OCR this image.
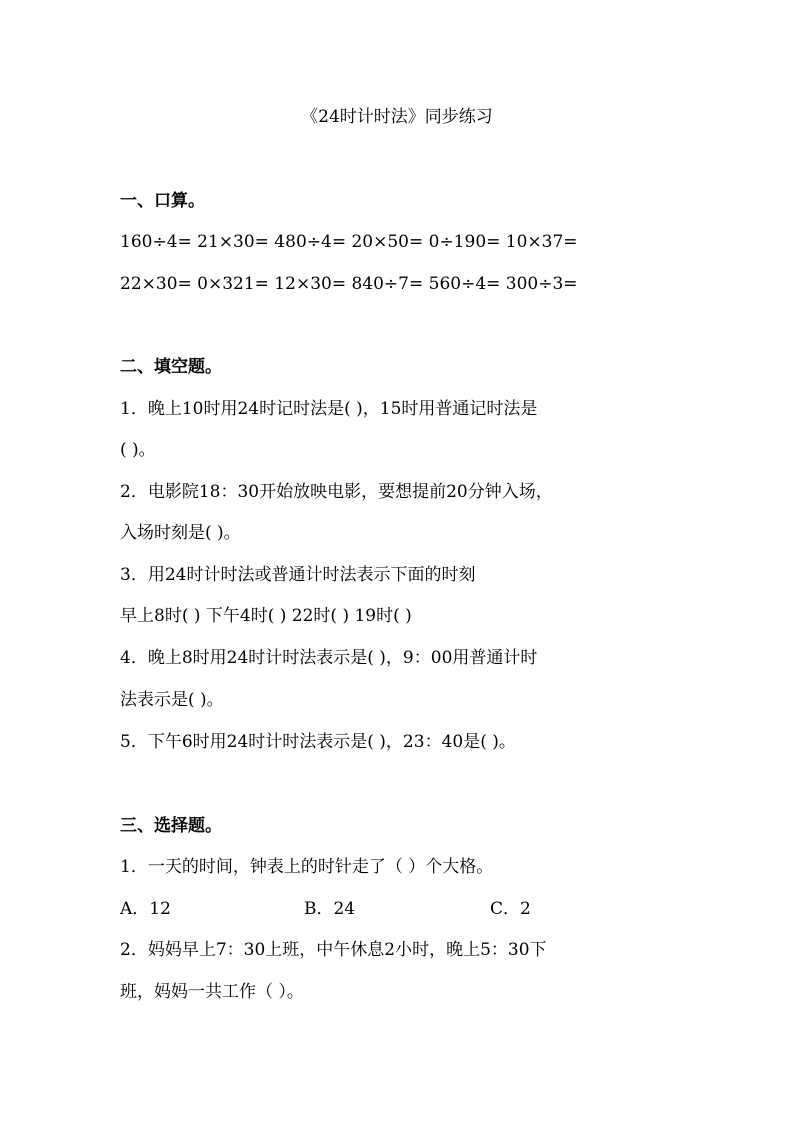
《24时计时法》同步练习
一、口算。
160÷4= 21×30= 480÷4= 20×50= 0÷190= 10×37=
22×30= 0×321= 12×30= 840÷7= 560÷4= 300÷3=
二、填空题。
1．晚上10时用24时记时法是( )，15时用普通记时法是
( )。
2．电影院18：30开始放映电影，要想提前20分钟入场，
入场时刻是( )。
3．用24时计时法或普通计时法表示下面的时刻
早上8时( ) 下午4时( ) 22时( ) 19时( )
4．晚上8时用24时计时法表示是( )，9：00用普通计时
法表示是( )。
5．下午6时用24时计时法表示是( )，23：40是( )。
三、选择题。
1．一天的时间，钟表上的时针走了（ ）个大格。
A．12	B．24	C．2
2．妈妈早上7：30上班，中午休息2小时，晚上5：30下
班，妈妈一共工作（ ）。
